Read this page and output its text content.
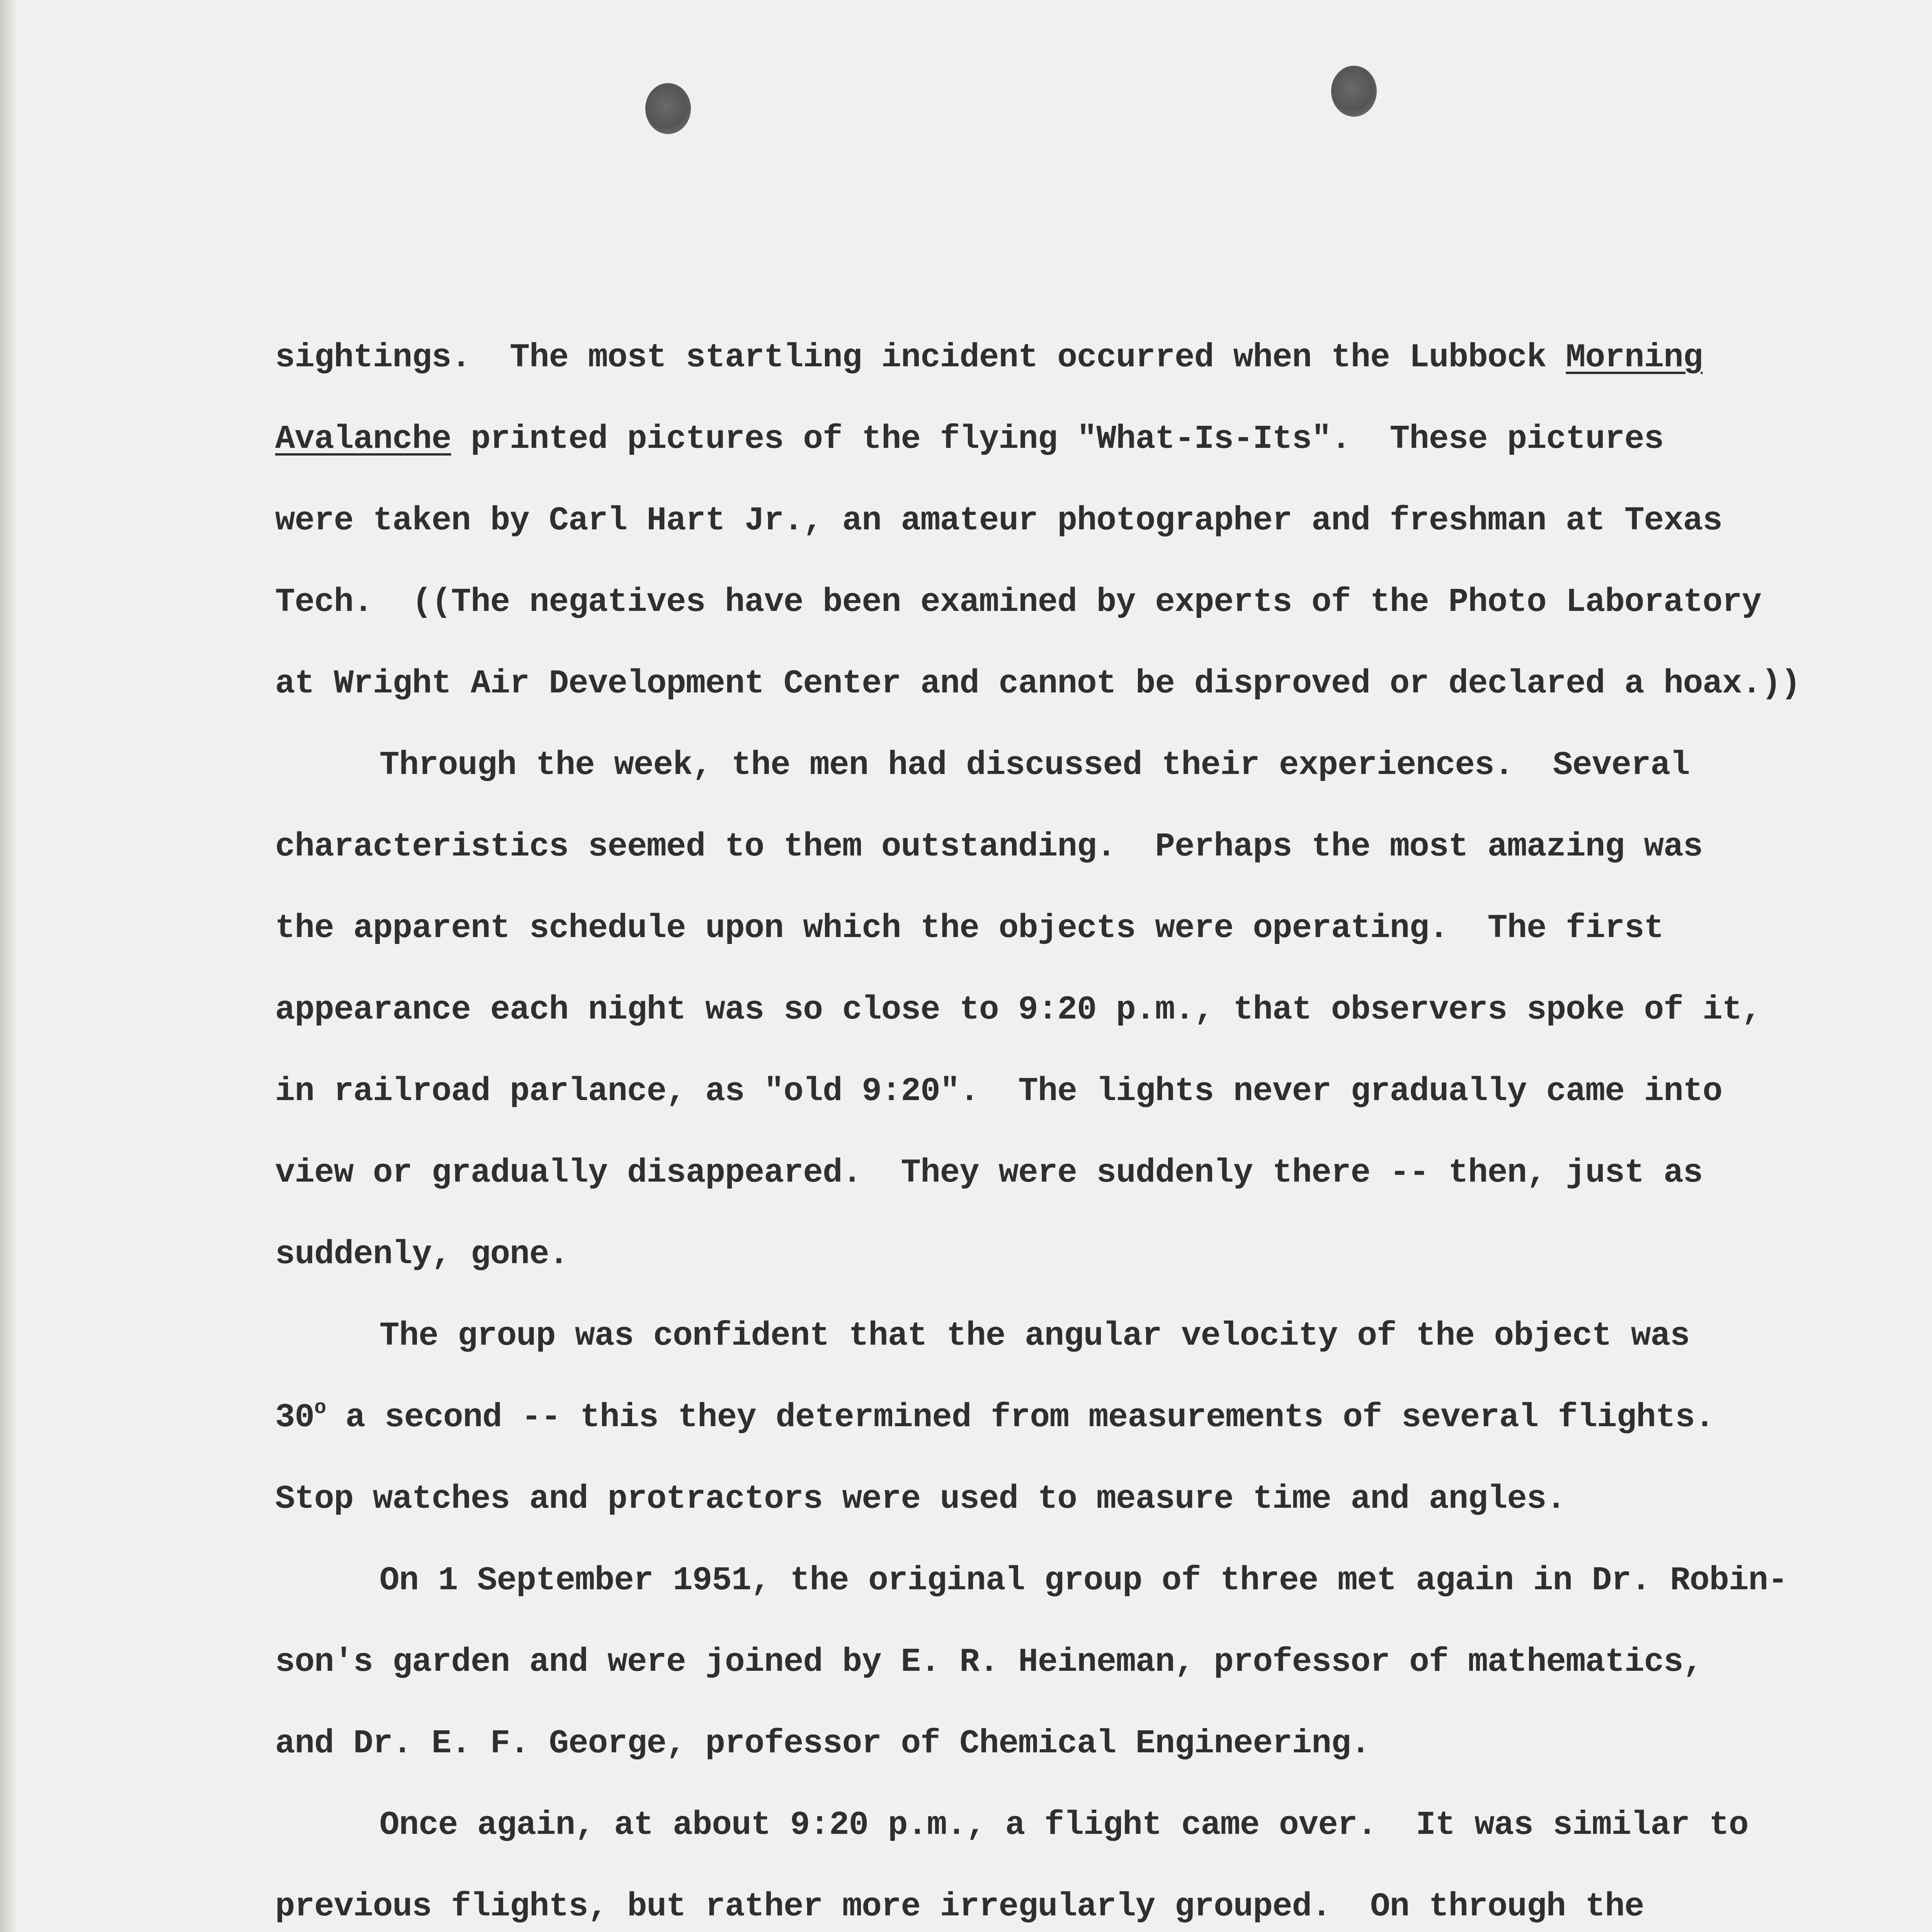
sightings.  The most startling incident occurred when the Lubbock Morning
Avalanche printed pictures of the flying "What-Is-Its".  These pictures
were taken by Carl Hart Jr., an amateur photographer and freshman at Texas
Tech.  ((The negatives have been examined by experts of the Photo Laboratory
at Wright Air Development Center and cannot be disproved or declared a hoax.))
Through the week, the men had discussed their experiences.  Several
characteristics seemed to them outstanding.  Perhaps the most amazing was
the apparent schedule upon which the objects were operating.  The first
appearance each night was so close to 9:20 p.m., that observers spoke of it,
in railroad parlance, as "old 9:20".  The lights never gradually came into
view or gradually disappeared.  They were suddenly there -- then, just as
suddenly, gone.
The group was confident that the angular velocity of the object was
30$^o$ a second -- this they determined from measurements of several flights.
Stop watches and protractors were used to measure time and angles.
On 1 September 1951, the original group of three met again in Dr. Robin-
son's garden and were joined by E. R. Heineman, professor of mathematics,
and Dr. E. F. George, professor of Chemical Engineering.
Once again, at about 9:20 p.m., a flight came over.  It was similar to
previous flights, but rather more irregularly grouped.  On through the
